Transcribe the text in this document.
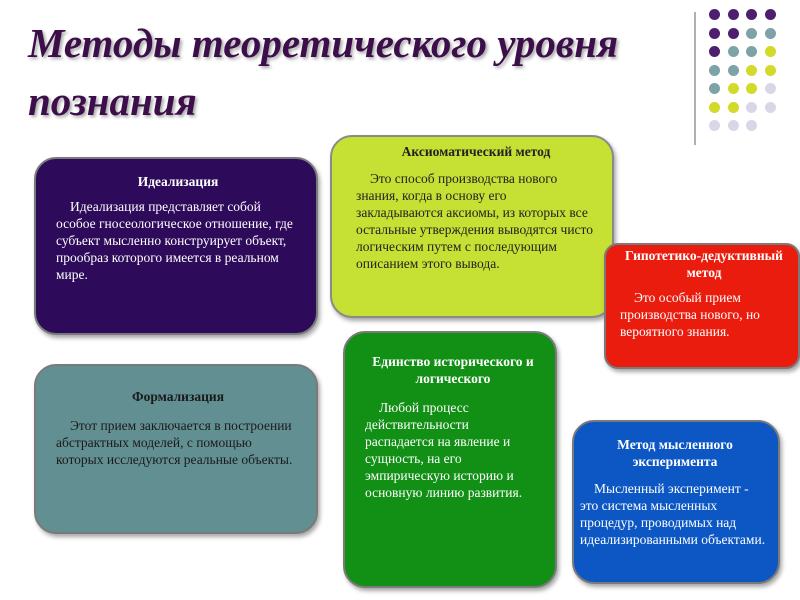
Методы теоретического уровня познания
Идеализация
Идеализация представляет собой особое гносеологическое отношение, где субъект мысленно конструирует объект, прообраз которого имеется в реальном мире.
Аксиоматический метод
Это способ производства нового знания, когда в основу его закладываются аксиомы, из которых все остальные утверждения выводятся чисто логическим путем с последующим описанием этого вывода.
Гипотетико-дедуктивный метод
Это особый прием производства нового, но вероятного знания.
Формализация
Этот прием заключается в построении абстрактных моделей, с помощью которых исследуются реальные объекты.
Единство исторического и логического
Любой процесс действительности распадается на явление и сущность, на его эмпирическую историю и основную линию развития.
Метод мысленного эксперимента
Мысленный эксперимент - это система мысленных процедур, проводимых над идеализированными объектами.
